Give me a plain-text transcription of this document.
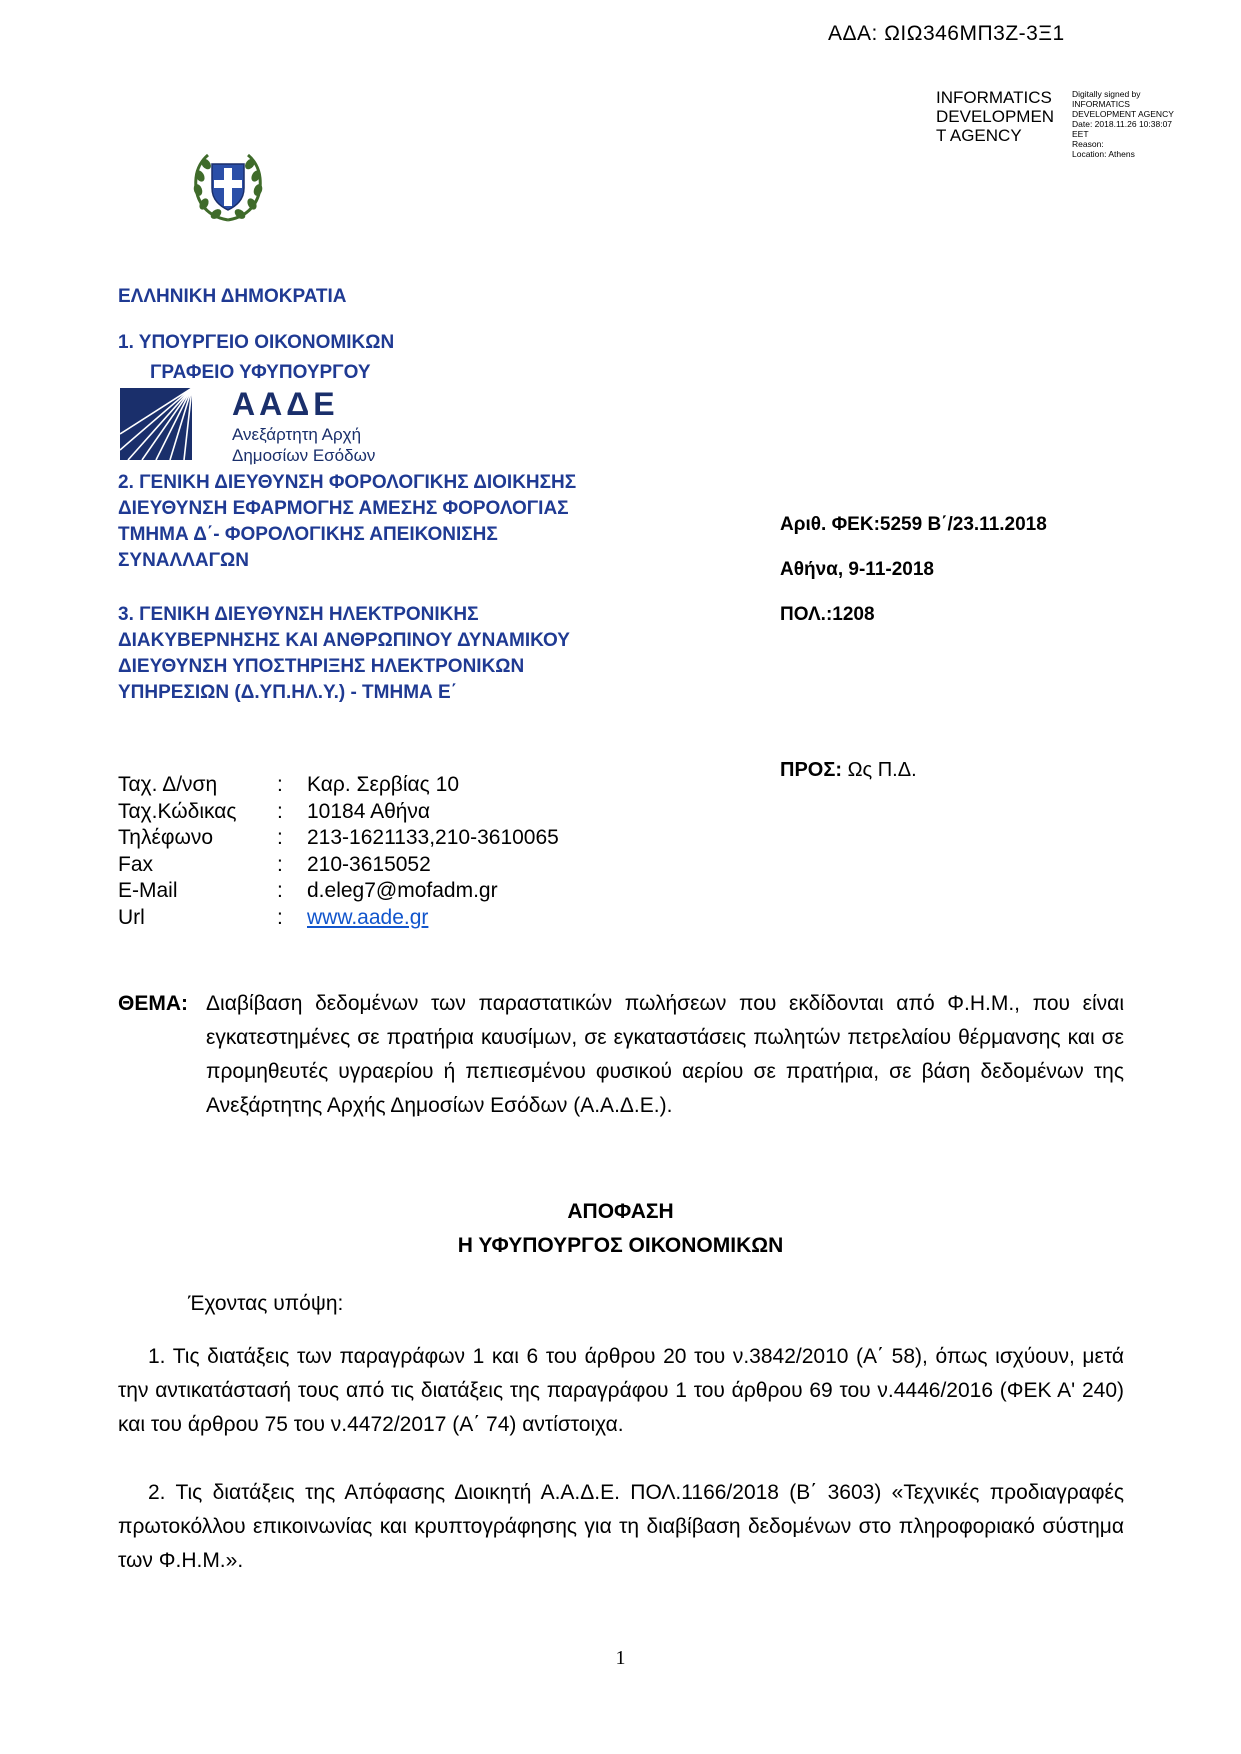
ΑΔΑ: ΩΙΩ346ΜΠ3Ζ-3Ξ1
INFORMATICS DEVELOPMEN T AGENCY
Digitally signed by
INFORMATICS
DEVELOPMENT AGENCY
Date: 2018.11.26 10:38:07
EET
Reason:
Location: Athens
ΕΛΛΗΝΙΚΗ ΔΗΜΟΚΡΑΤΙΑ
1. ΥΠΟΥΡΓΕΙΟ ΟΙΚΟΝΟΜΙΚΩΝ
ΓΡΑΦΕΙΟ ΥΦΥΠΟΥΡΓΟΥ
ΑΑΔΕ
Ανεξάρτητη Αρχή
Δημοσίων Εσόδων
2. ΓΕΝΙΚΗ ΔΙΕΥΘΥΝΣΗ ΦΟΡΟΛΟΓΙΚΗΣ ΔΙΟΙΚΗΣΗΣ
ΔΙΕΥΘΥΝΣΗ ΕΦΑΡΜΟΓΗΣ ΑΜΕΣΗΣ ΦΟΡΟΛΟΓΙΑΣ
ΤΜΗΜΑ Δ΄- ΦΟΡΟΛΟΓΙΚΗΣ ΑΠΕΙΚΟΝΙΣΗΣ
ΣΥΝΑΛΛΑΓΩΝ
3. ΓΕΝΙΚΗ ΔΙΕΥΘΥΝΣΗ ΗΛΕΚΤΡΟΝΙΚΗΣ
ΔΙΑΚΥΒΕΡΝΗΣΗΣ ΚΑΙ ΑΝΘΡΩΠΙΝΟΥ ΔΥΝΑΜΙΚΟΥ
ΔΙΕΥΘΥΝΣΗ ΥΠΟΣΤΗΡΙΞΗΣ ΗΛΕΚΤΡΟΝΙΚΩΝ
ΥΠΗΡΕΣΙΩΝ (Δ.ΥΠ.ΗΛ.Υ.) - ΤΜΗΜΑ Ε΄
Αριθ. ΦΕΚ:5259 Β΄/23.11.2018
Αθήνα, 9-11-2018
ΠΟΛ.:1208
ΠΡΟΣ: Ως Π.Δ.
Ταχ. Δ/νση	:	Καρ. Σερβίας 10
Ταχ.Κώδικας	:	10184 Αθήνα
Τηλέφωνο	:	213-1621133,210-3610065
Fax	:	210-3615052
E-Mail	:	d.eleg7@mofadm.gr
Url	:	www.aade.gr
ΘΕΜΑ: Διαβίβαση δεδομένων των παραστατικών πωλήσεων που εκδίδονται από Φ.Η.Μ., που είναι εγκατεστημένες σε πρατήρια καυσίμων, σε εγκαταστάσεις πωλητών πετρελαίου θέρμανσης και σε προμηθευτές υγραερίου ή πεπιεσμένου φυσικού αερίου σε πρατήρια, σε βάση δεδομένων της Ανεξάρτητης Αρχής Δημοσίων Εσόδων (Α.Α.Δ.Ε.).
ΑΠΟΦΑΣΗ
Η ΥΦΥΠΟΥΡΓΟΣ ΟΙΚΟΝΟΜΙΚΩΝ
Έχοντας υπόψη:
1. Τις διατάξεις των παραγράφων 1 και 6 του άρθρου 20 του ν.3842/2010 (Α΄ 58), όπως ισχύουν, μετά την αντικατάστασή τους από τις διατάξεις της παραγράφου 1 του άρθρου 69 του ν.4446/2016 (ΦΕΚ Α' 240) και του άρθρου 75 του ν.4472/2017 (Α΄ 74) αντίστοιχα.
2. Τις διατάξεις της Απόφασης Διοικητή Α.Α.Δ.Ε. ΠΟΛ.1166/2018 (Β΄ 3603) «Τεχνικές προδιαγραφές πρωτοκόλλου επικοινωνίας και κρυπτογράφησης για τη διαβίβαση δεδομένων στο πληροφοριακό σύστημα των Φ.Η.Μ.».
1
